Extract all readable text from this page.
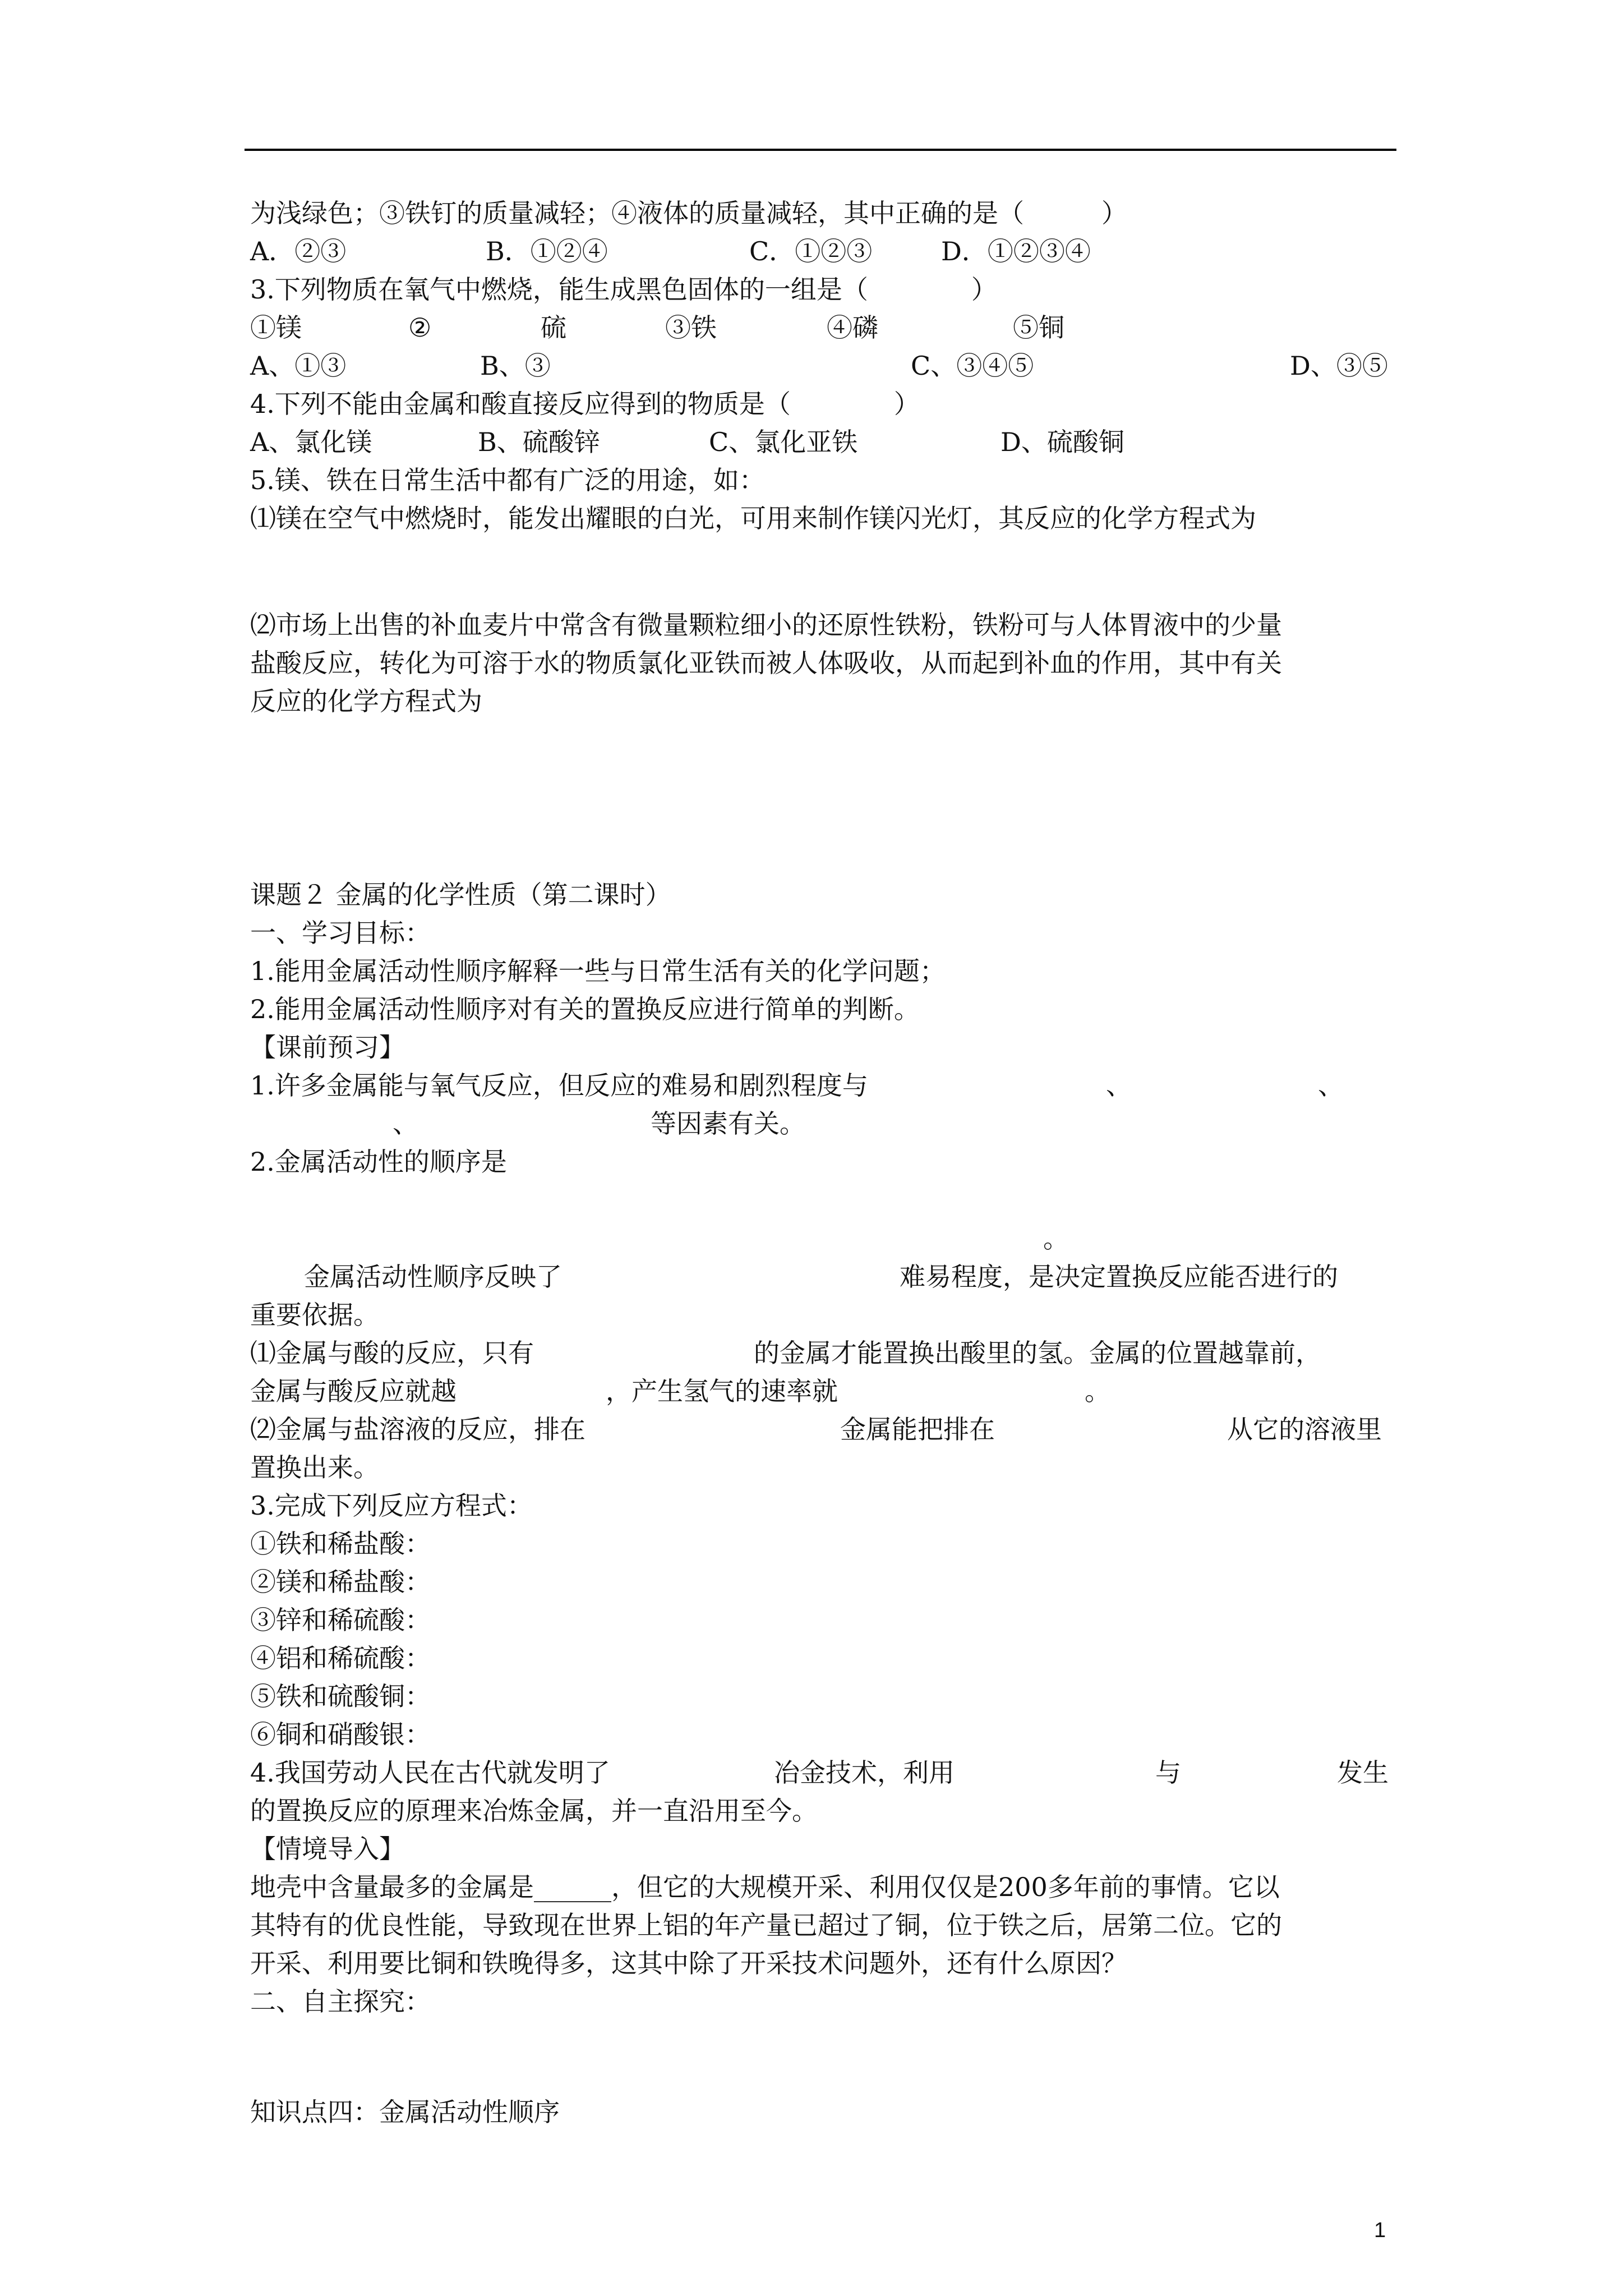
为浅绿色；③铁钉的质量减轻；④液体的质量减轻，其中正确的是（　　　）
A．②③	B．①②④	C．①②③	D．①②③④
3.下列物质在氧气中燃烧，能生成黑色固体的一组是（　　　　）
①镁	②	硫	③铁	④磷	⑤铜
A、①③	B、③	C、③④⑤	D、③⑤
4.下列不能由金属和酸直接反应得到的物质是（　　　　）
A、氯化镁	B、硫酸锌	C、氯化亚铁	D、硫酸铜
5.镁、铁在日常生活中都有广泛的用途，如：
⑴镁在空气中燃烧时，能发出耀眼的白光，可用来制作镁闪光灯，其反应的化学方程式为
⑵市场上出售的补血麦片中常含有微量颗粒细小的还原性铁粉，铁粉可与人体胃液中的少量
盐酸反应，转化为可溶于水的物质氯化亚铁而被人体吸收，从而起到补血的作用，其中有关
反应的化学方程式为
课题２ 金属的化学性质（第二课时）
一、学习目标：
1.能用金属活动性顺序解释一些与日常生活有关的化学问题；
2.能用金属活动性顺序对有关的置换反应进行简单的判断。
【课前预习】
1.许多金属能与氧气反应，但反应的难易和剧烈程度与	、	、
、	等因素有关。
2.金属活动性的顺序是
。
金属活动性顺序反映了	难易程度，是决定置换反应能否进行的
重要依据。
⑴金属与酸的反应，只有	的金属才能置换出酸里的氢。金属的位置越靠前，
金属与酸反应就越	，产生氢气的速率就	。
⑵金属与盐溶液的反应，排在	金属能把排在	从它的溶液里
置换出来。
3.完成下列反应方程式：
①铁和稀盐酸：
②镁和稀盐酸：
③锌和稀硫酸：
④铝和稀硫酸：
⑤铁和硫酸铜：
⑥铜和硝酸银：
4.我国劳动人民在古代就发明了	冶金技术，利用	与	发生
的置换反应的原理来冶炼金属，并一直沿用至今。
【情境导入】
地壳中含量最多的金属是______，但它的大规模开采、利用仅仅是200多年前的事情。它以
其特有的优良性能，导致现在世界上铝的年产量已超过了铜，位于铁之后，居第二位。它的
开采、利用要比铜和铁晚得多，这其中除了开采技术问题外，还有什么原因？
二、自主探究：
知识点四：金属活动性顺序
1
